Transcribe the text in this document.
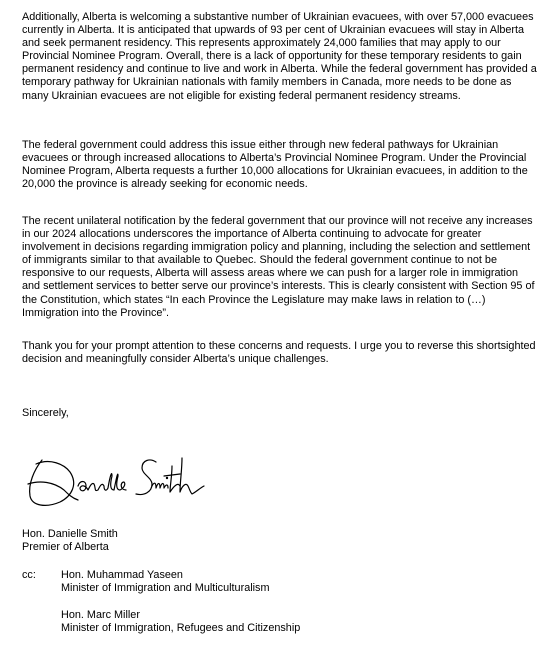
Additionally, Alberta is welcoming a substantive number of Ukrainian evacuees, with over 57,000 evacuees currently in Alberta. It is anticipated that upwards of 93 per cent of Ukrainian evacuees will stay in Alberta and seek permanent residency. This represents approximately 24,000 families that may apply to our Provincial Nominee Program. Overall, there is a lack of opportunity for these temporary residents to gain permanent residency and continue to live and work in Alberta. While the federal government has provided a temporary pathway for Ukrainian nationals with family members in Canada, more needs to be done as many Ukrainian evacuees are not eligible for existing federal permanent residency streams.

The federal government could address this issue either through new federal pathways for Ukrainian evacuees or through increased allocations to Alberta’s Provincial Nominee Program. Under the Provincial Nominee Program, Alberta requests a further 10,000 allocations for Ukrainian evacuees, in addition to the 20,000 the province is already seeking for economic needs.

The recent unilateral notification by the federal government that our province will not receive any increases in our 2024 allocations underscores the importance of Alberta continuing to advocate for greater involvement in decisions regarding immigration policy and planning, including the selection and settlement of immigrants similar to that available to Quebec. Should the federal government continue to not be responsive to our requests, Alberta will assess areas where we can push for a larger role in immigration and settlement services to better serve our province’s interests. This is clearly consistent with Section 95 of the Constitution, which states “In each Province the Legislature may make laws in relation to (…) Immigration into the Province”.

Thank you for your prompt attention to these concerns and requests. I urge you to reverse this shortsighted decision and meaningfully consider Alberta’s unique challenges.

Sincerely,
Hon. Danielle Smith
Premier of Alberta
cc: Hon. Muhammad Yaseen
Minister of Immigration and Multiculturalism
Hon. Marc Miller
Minister of Immigration, Refugees and Citizenship
